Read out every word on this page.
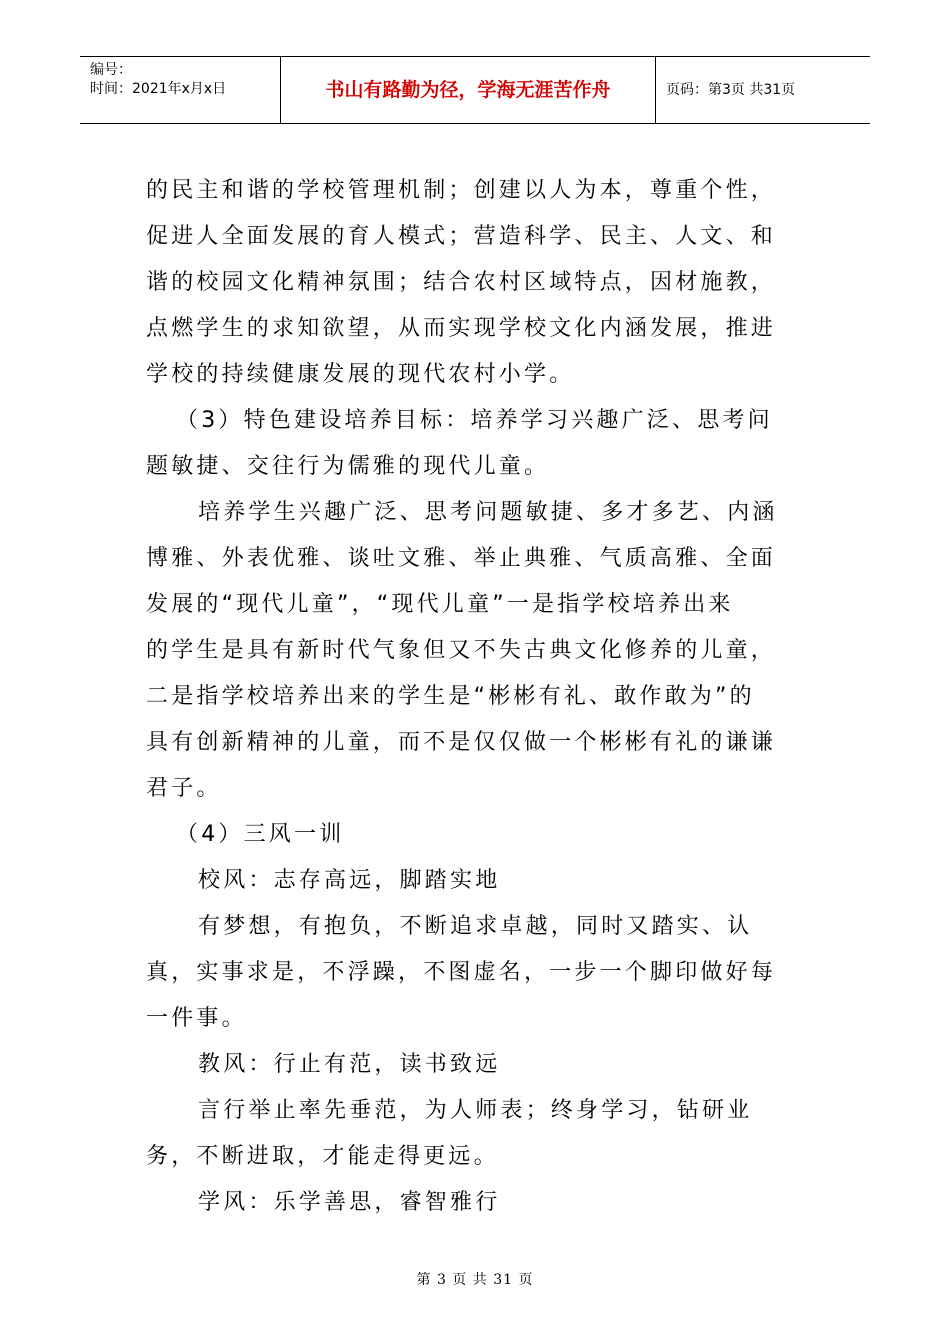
编号：
时间：2021年x月x日	书山有路勤为径，学海无涯苦作舟	页码：第3页 共31页
的民主和谐的学校管理机制；创建以人为本，尊重个性，
促进人全面发展的育人模式；营造科学、民主、人文、和
谐的校园文化精神氛围；结合农村区域特点，因材施教，
点燃学生的求知欲望，从而实现学校文化内涵发展，推进
学校的持续健康发展的现代农村小学。
（3）特色建设培养目标：培养学习兴趣广泛、思考问
题敏捷、交往行为儒雅的现代儿童。
培养学生兴趣广泛、思考问题敏捷、多才多艺、内涵
博雅、外表优雅、谈吐文雅、举止典雅、气质高雅、全面
发展的“现代儿童”，“现代儿童”一是指学校培养出来
的学生是具有新时代气象但又不失古典文化修养的儿童，
二是指学校培养出来的学生是“彬彬有礼、敢作敢为”的
具有创新精神的儿童，而不是仅仅做一个彬彬有礼的谦谦
君子。
（4）三风一训
校风：志存高远，脚踏实地
有梦想，有抱负，不断追求卓越，同时又踏实、认
真，实事求是，不浮躁，不图虚名，一步一个脚印做好每
一件事。
教风：行止有范，读书致远
言行举止率先垂范，为人师表；终身学习，钻研业
务，不断进取，才能走得更远。
学风：乐学善思，睿智雅行
第 3 页 共 31 页
